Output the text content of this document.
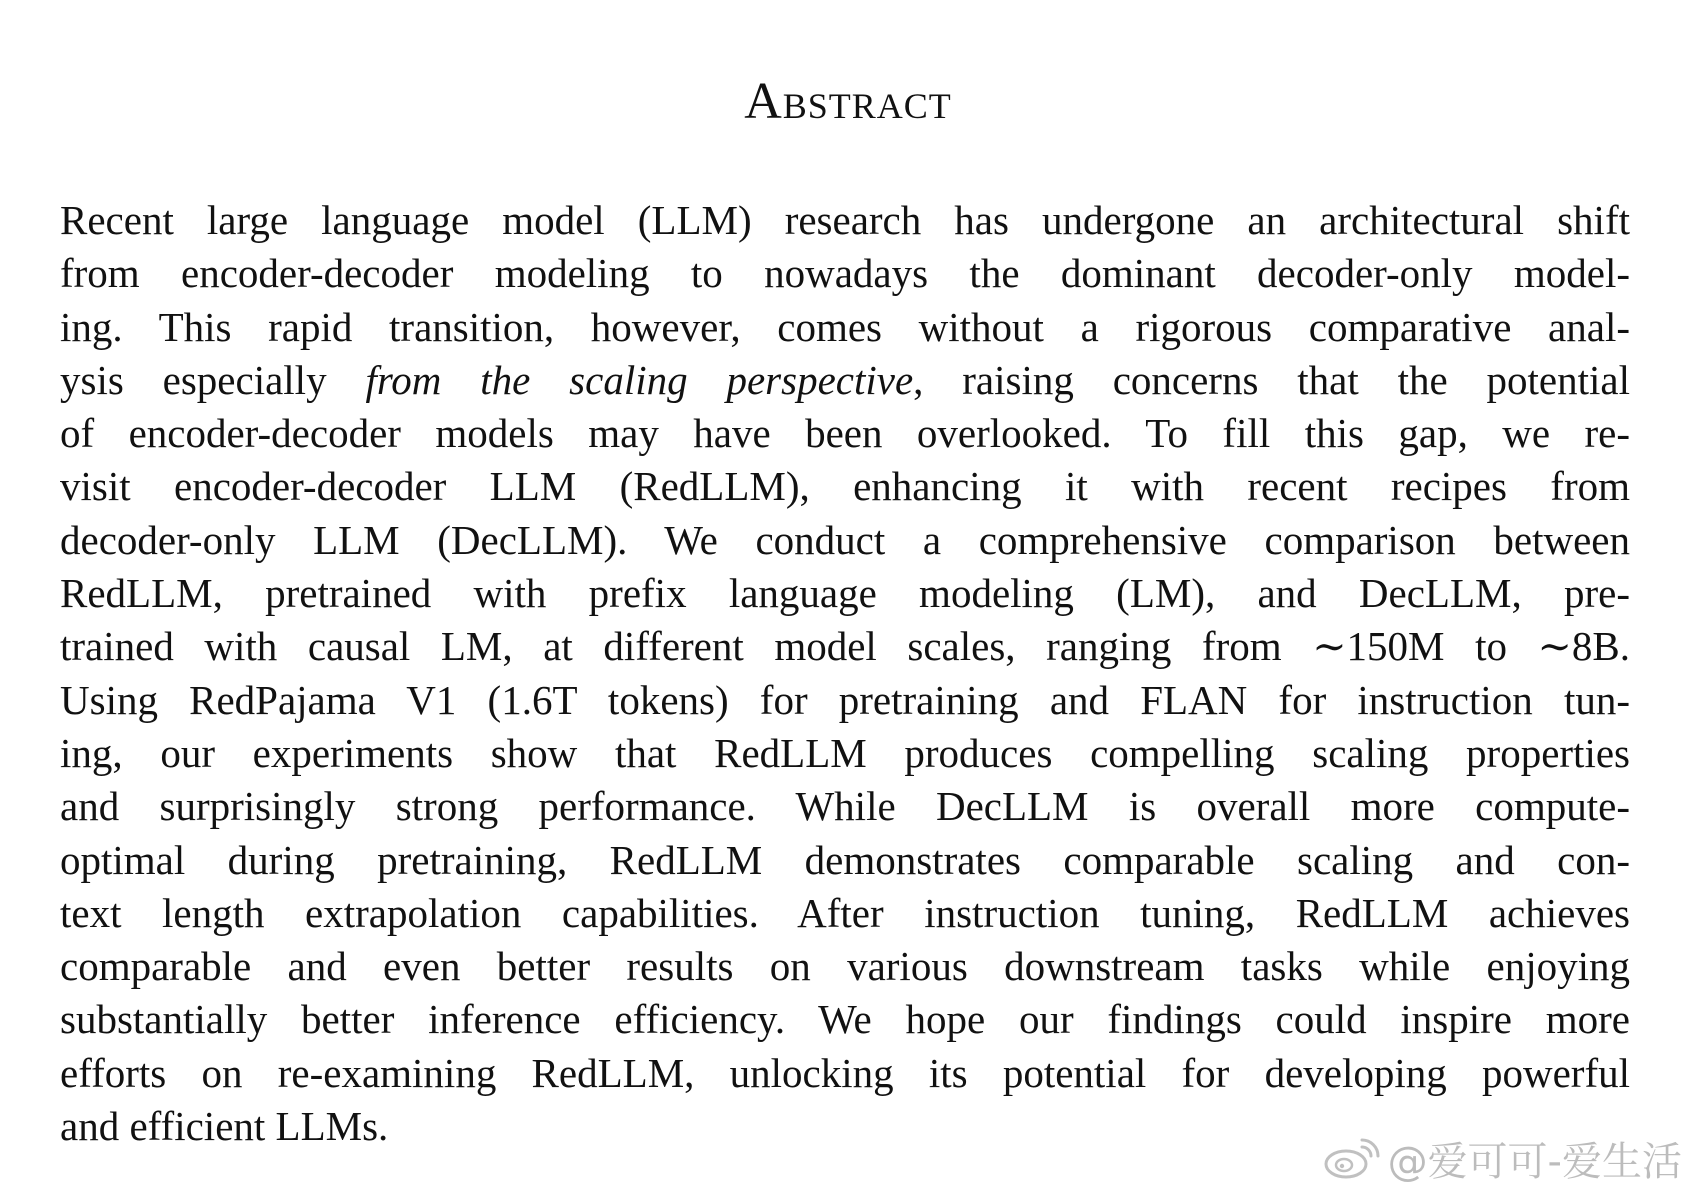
Abstract
Recent large language model (LLM) research has undergone an architectural shift
from encoder-decoder modeling to nowadays the dominant decoder-only model-
ing. This rapid transition, however, comes without a rigorous comparative anal-
ysis especially from the scaling perspective, raising concerns that the potential
of encoder-decoder models may have been overlooked. To fill this gap, we re-
visit encoder-decoder LLM (RedLLM), enhancing it with recent recipes from
decoder-only LLM (DecLLM). We conduct a comprehensive comparison between
RedLLM, pretrained with prefix language modeling (LM), and DecLLM, pre-
trained with causal LM, at different model scales, ranging from ∼150M to ∼8B.
Using RedPajama V1 (1.6T tokens) for pretraining and FLAN for instruction tun-
ing, our experiments show that RedLLM produces compelling scaling properties
and surprisingly strong performance. While DecLLM is overall more compute-
optimal during pretraining, RedLLM demonstrates comparable scaling and con-
text length extrapolation capabilities. After instruction tuning, RedLLM achieves
comparable and even better results on various downstream tasks while enjoying
substantially better inference efficiency. We hope our findings could inspire more
efforts on re-examining RedLLM, unlocking its potential for developing powerful
and efficient LLMs.
@爱可可-爱生活
